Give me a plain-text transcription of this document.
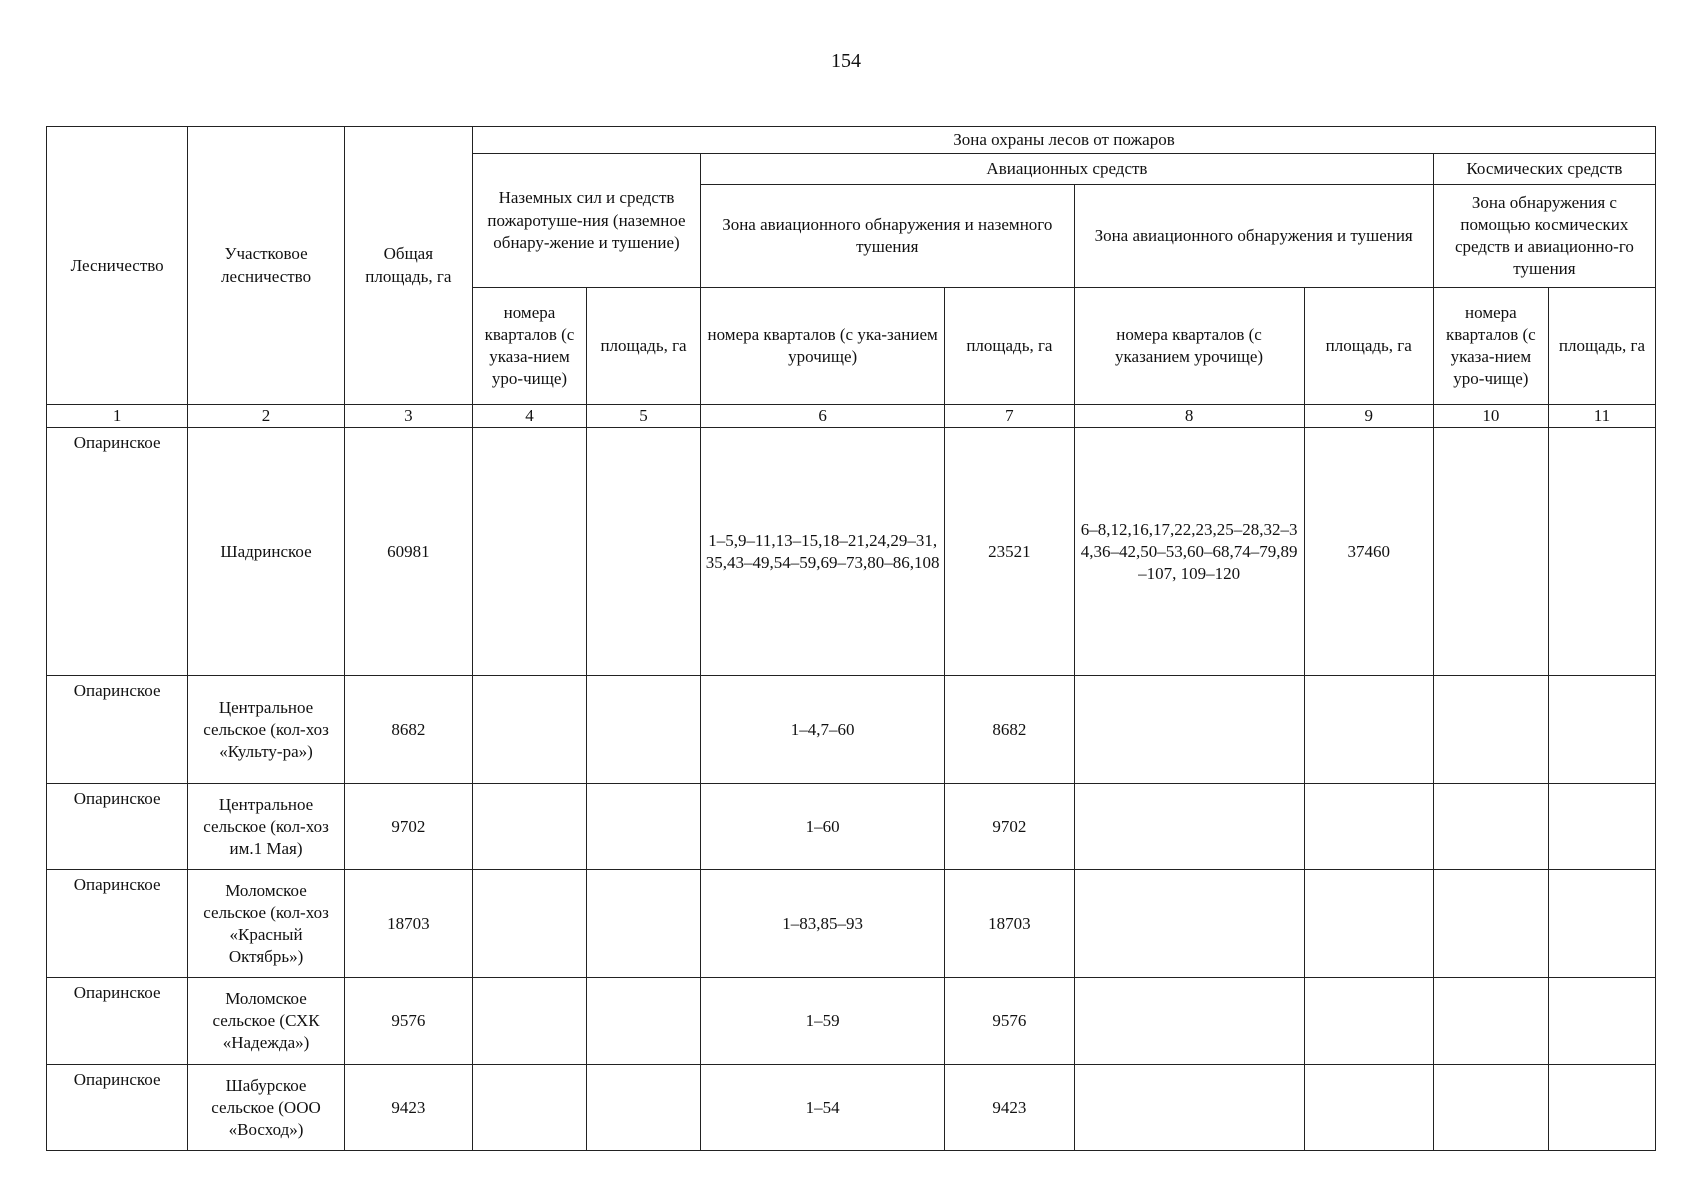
154
Лесничество	Участковое лесничество	Общая площадь, га	Зона охраны лесов от пожаров							
			Наземных сил и средств пожаротуше-ния (наземное обнару-жение и тушение)		Авиационных средств				Космических средств	
					Зона авиационного обнаружения и наземного тушения		Зона авиационного обнаружения и тушения		Зона обнаружения с помощью космических средств и авиационно-го тушения	
			номера кварталов (с указа-нием уро-чище)	площадь, га	номера кварталов (с ука-занием урочище)	площадь, га	номера кварталов (с указанием урочище)	площадь, га	номера кварталов (с указа-нием уро-чище)	площадь, га
1	2	3	4	5	6	7	8	9	10	11
Опаринское	Шадринское	60981			1–5,9–11,13–15,18–21,24,29–31,35,43–49,54–59,69–73,80–86,108	23521	6–8,12,16,17,22,23,25–28,32–34,36–42,50–53,60–68,74–79,89–107, 109–120	37460		
Опаринское	Центральное сельское (кол-хоз «Культу-ра»)	8682			1–4,7–60	8682				
Опаринское	Центральное сельское (кол-хоз им.1 Мая)	9702			1–60	9702				
Опаринское	Моломское сельское (кол-хоз «Красный Октябрь»)	18703			1–83,85–93	18703				
Опаринское	Моломское сельское (СХК «Надежда»)	9576			1–59	9576				
Опаринское	Шабурское сельское (ООО «Восход»)	9423			1–54	9423				
